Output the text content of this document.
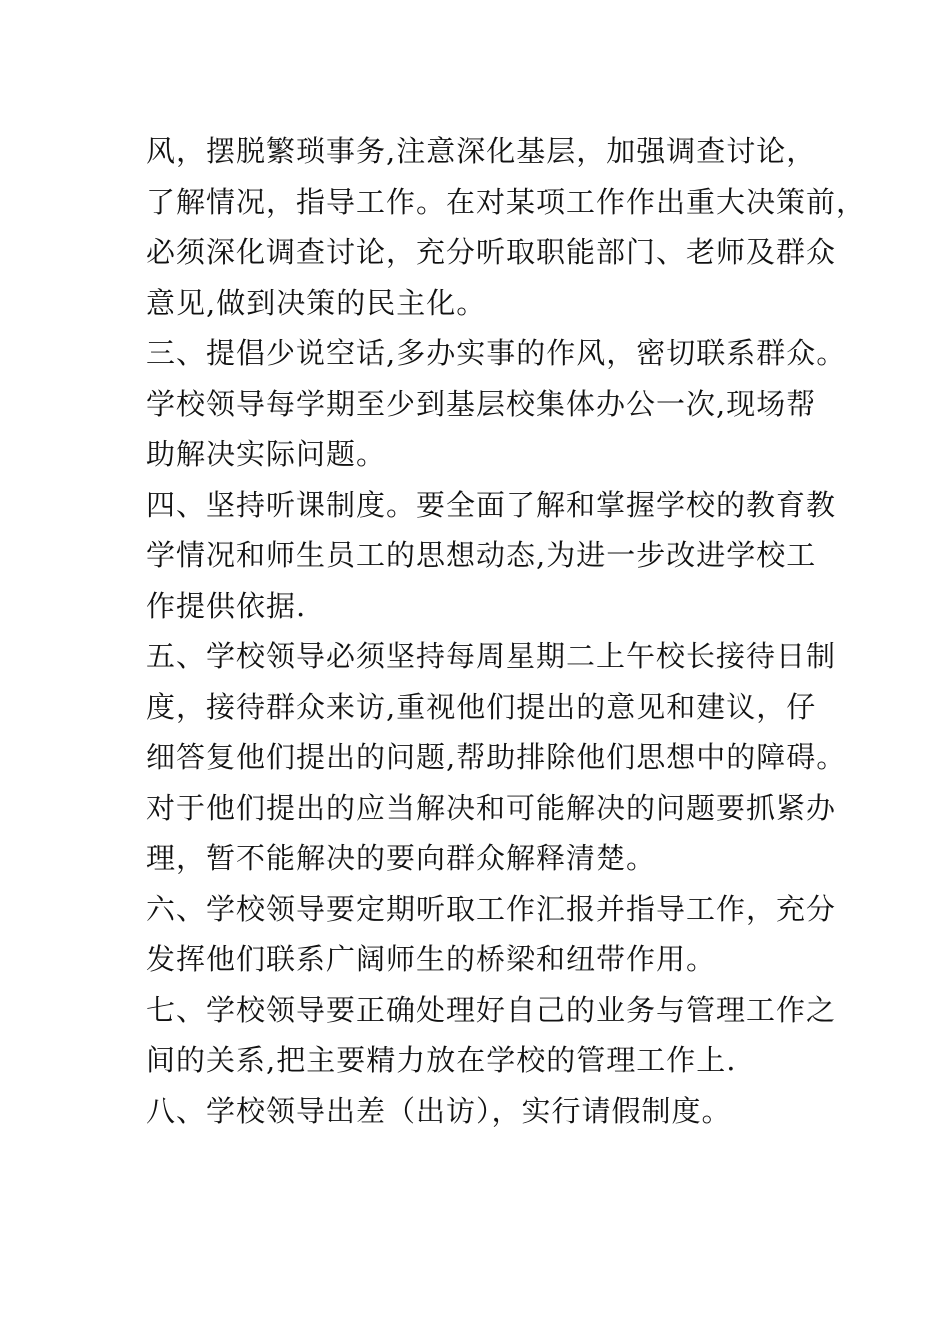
风，摆脱繁琐事务,注意深化基层，加强调查讨论，
了解情况，指导工作。在对某项工作作出重大决策前，
必须深化调查讨论，充分听取职能部门、老师及群众
意见,做到决策的民主化。
三、提倡少说空话,多办实事的作风，密切联系群众。
学校领导每学期至少到基层校集体办公一次,现场帮
助解决实际问题。
四、坚持听课制度。要全面了解和掌握学校的教育教
学情况和师生员工的思想动态,为进一步改进学校工
作提供依据.
五、学校领导必须坚持每周星期二上午校长接待日制
度，接待群众来访,重视他们提出的意见和建议，仔
细答复他们提出的问题,帮助排除他们思想中的障碍。
对于他们提出的应当解决和可能解决的问题要抓紧办
理，暂不能解决的要向群众解释清楚。
六、学校领导要定期听取工作汇报并指导工作，充分
发挥他们联系广阔师生的桥梁和纽带作用。
七、学校领导要正确处理好自己的业务与管理工作之
间的关系,把主要精力放在学校的管理工作上.
八、学校领导出差（出访），实行请假制度。
